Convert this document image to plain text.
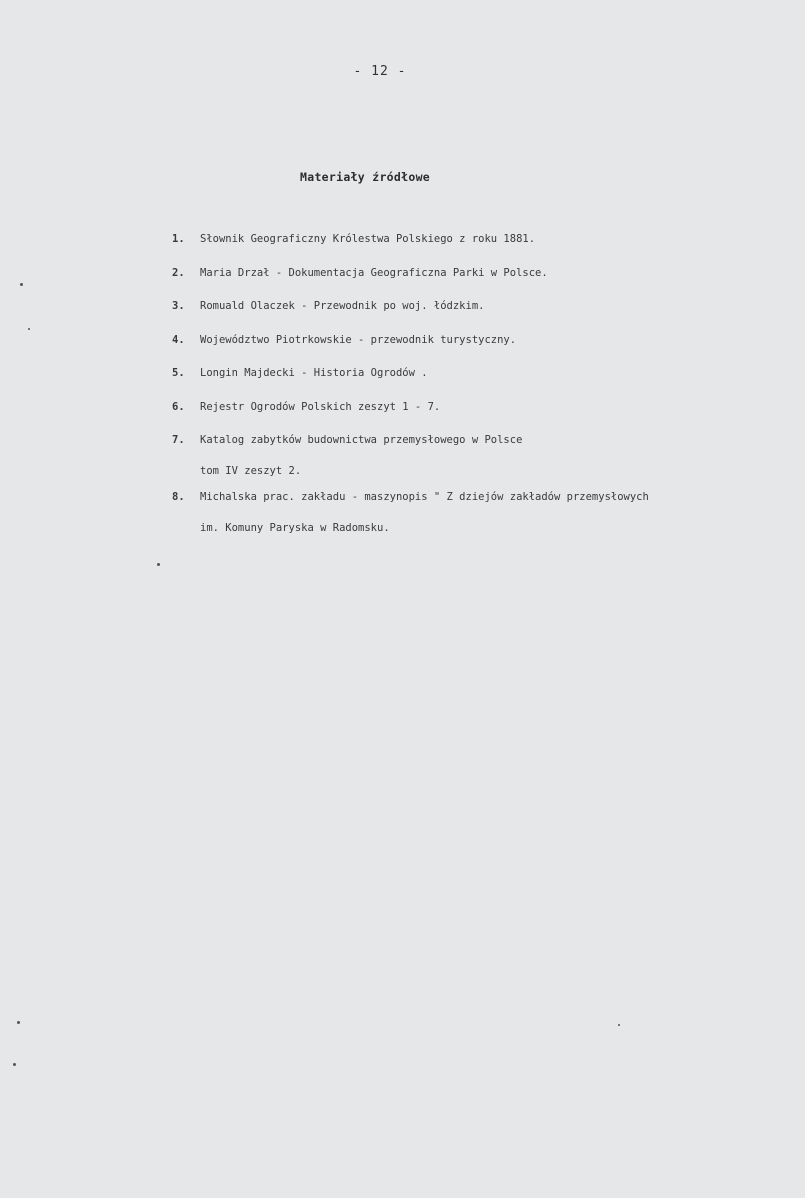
- 12 -
Materiały źródłowe
1.	Słownik Geograficzny Królestwa Polskiego z roku 1881.
2.	Maria Drzał - Dokumentacja Geograficzna Parki w Polsce.
3.	Romuald Olaczek - Przewodnik po woj. łódzkim.
4.	Województwo Piotrkowskie - przewodnik turystyczny.
5.	Longin Majdecki - Historia Ogrodów .
6.	Rejestr Ogrodów Polskich zeszyt 1 - 7.
7.	Katalog zabytków budownictwa przemysłowego w Polsce
tom IV zeszyt 2.
8.	Michalska prac. zakładu - maszynopis " Z dziejów zakładów przemysłowych
im. Komuny Paryska w Radomsku.
